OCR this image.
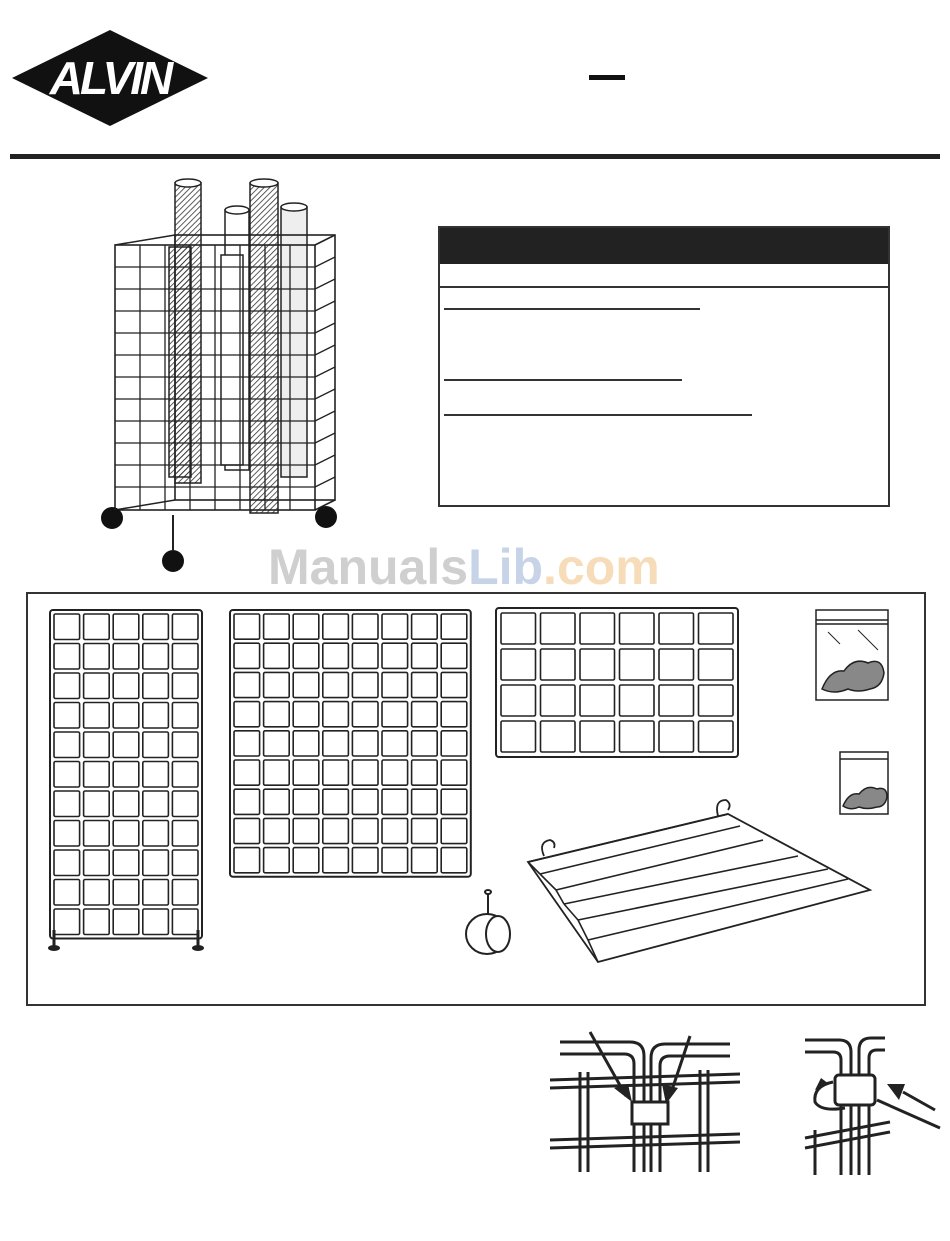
ALVIN
ManualsLib.com
